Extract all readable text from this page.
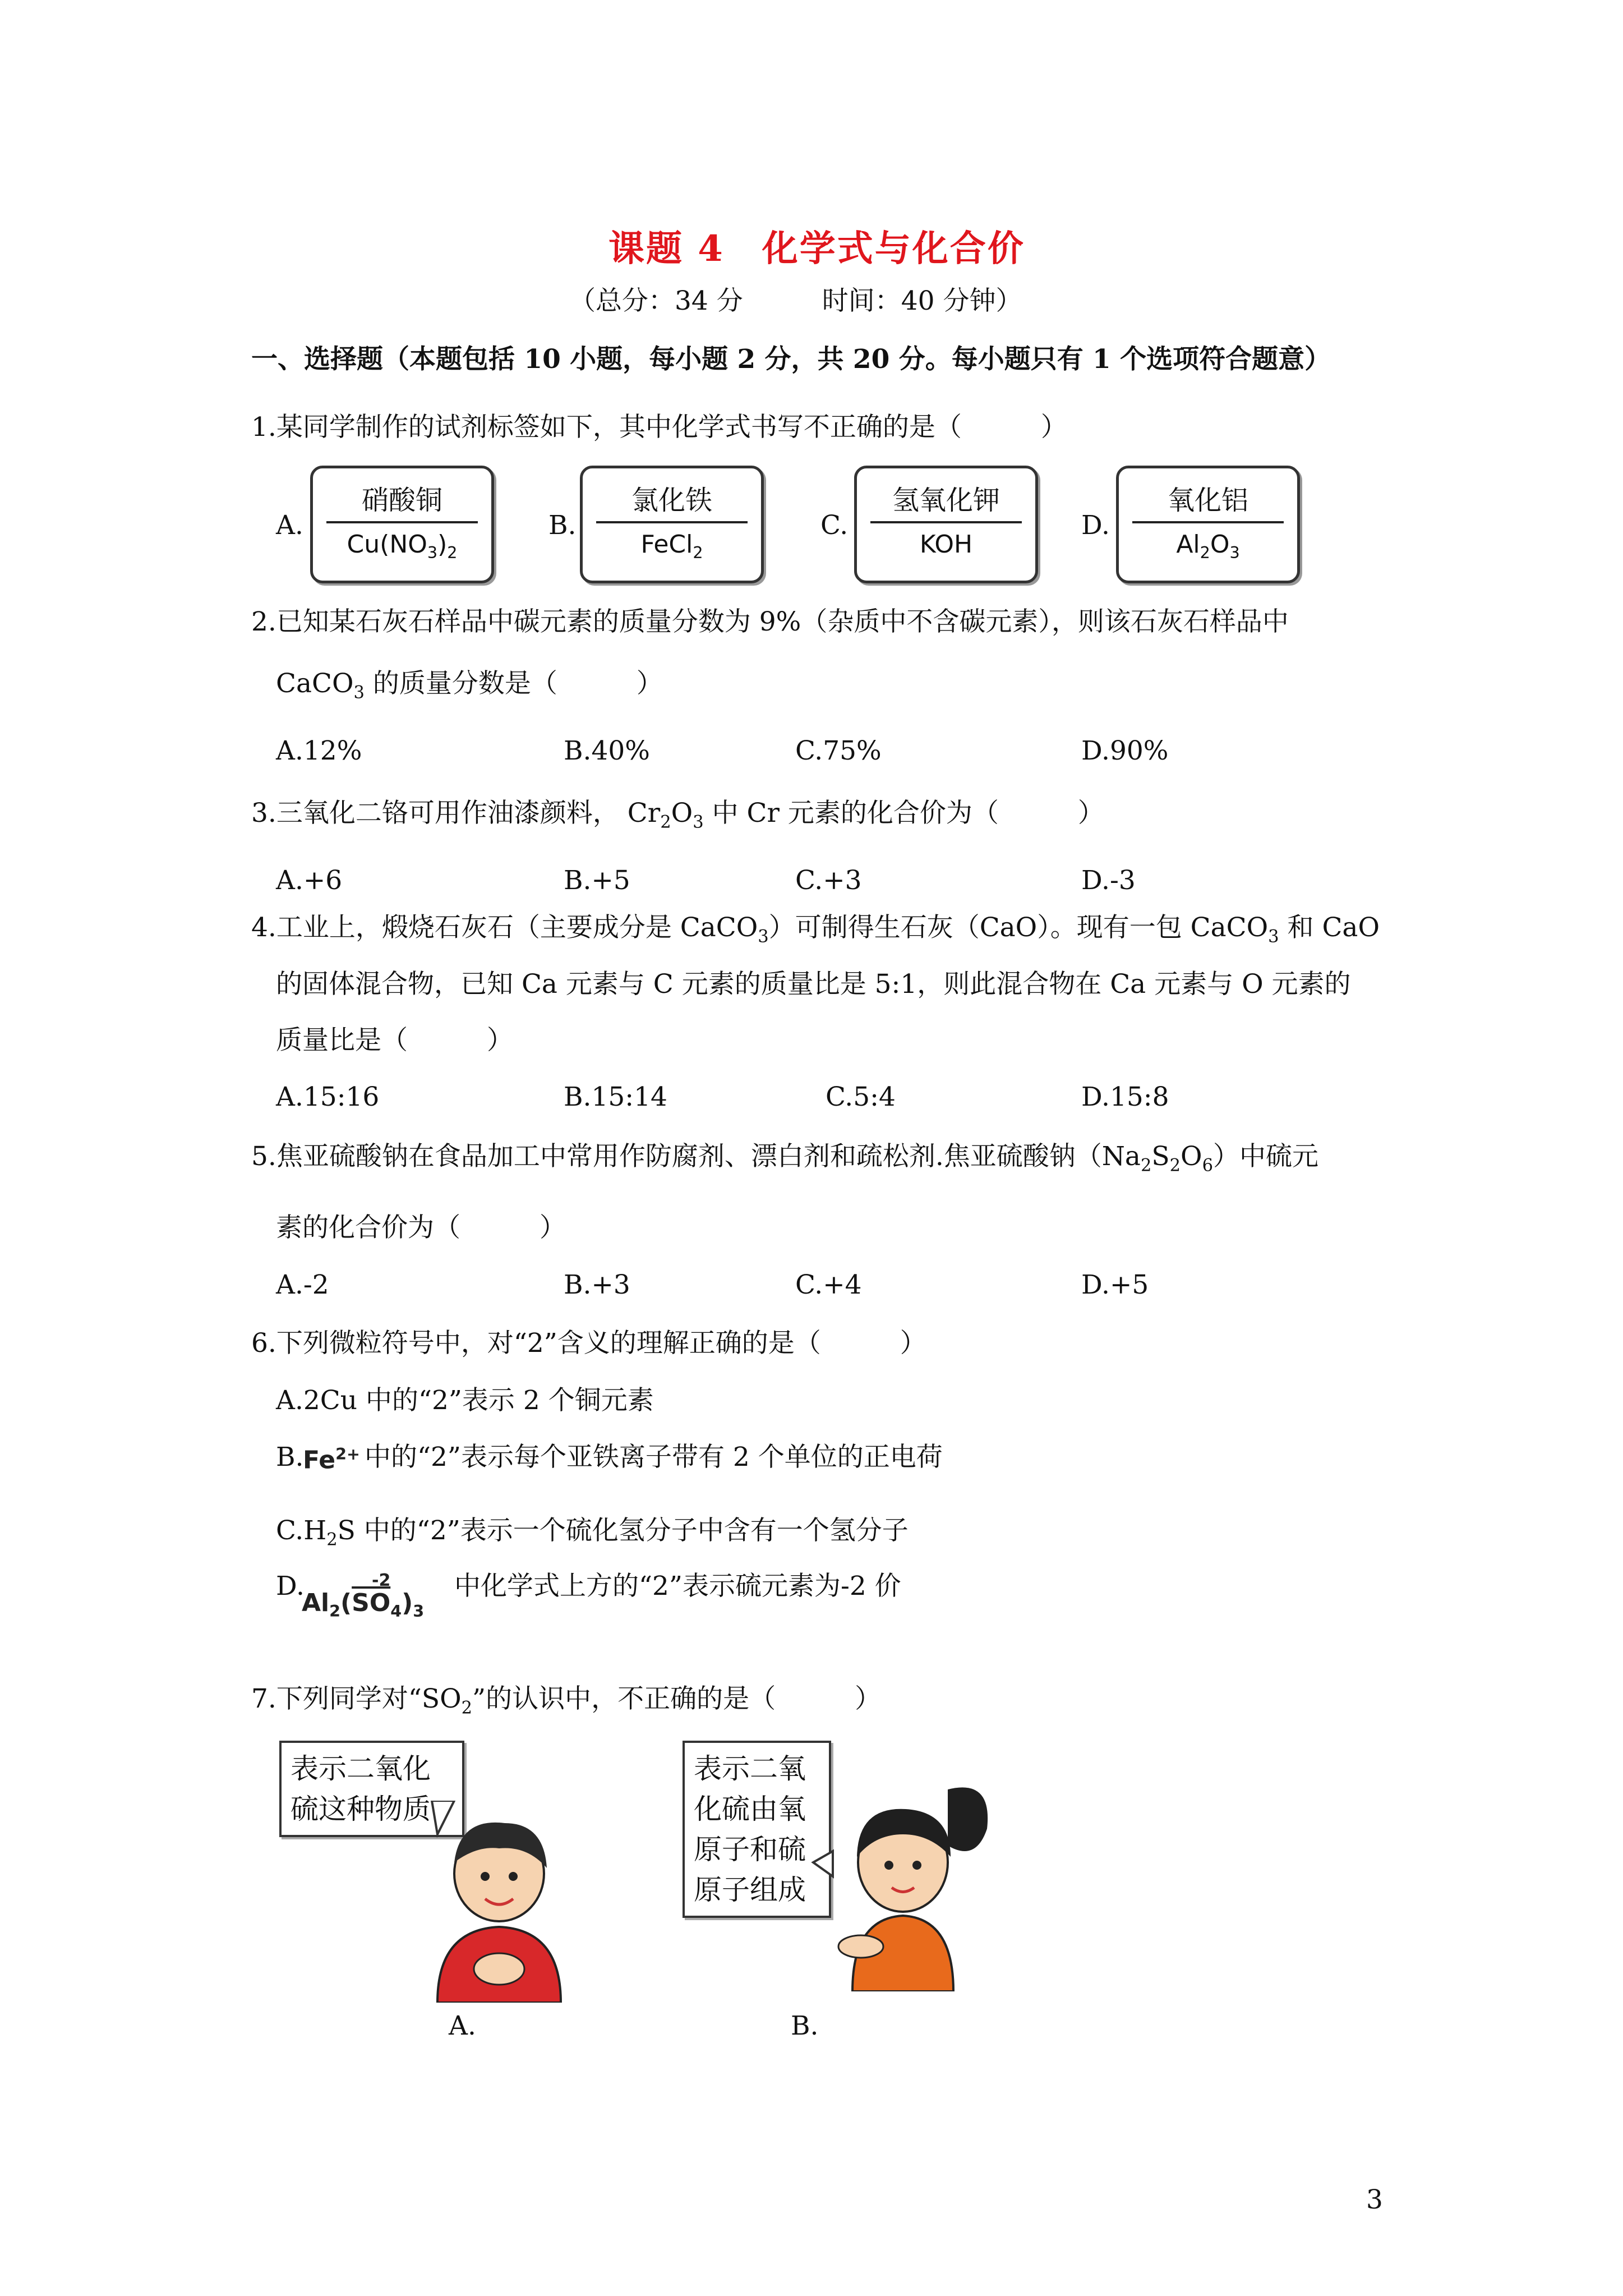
课题 4　化学式与化合价
（总分：34 分　　　时间：40 分钟）
一、选择题（本题包括 10 小题，每小题 2 分，共 20 分。每小题只有 1 个选项符合题意）
1.某同学制作的试剂标签如下，其中化学式书写不正确的是（　　　）
A.
硝酸铜
$Cu(NO_3)_2$
B.
氯化铁
FeCl$_2$
C.
氢氧化钾
KOH
D.
氧化铝
$Al_2O_3$
2.已知某石灰石样品中碳元素的质量分数为 9%（杂质中不含碳元素），则该石灰石样品中
CaCO$_3$ 的质量分数是（　　　）
A.12%	B.40%	C.75%	D.90%
3.三氧化二铬可用作油漆颜料， $Cr_2O_3$ 中 Cr 元素的化合价为（　　　）
A.+6	B.+5	C.+3	D.-3
4.工业上，煅烧石灰石（主要成分是 CaCO$_3$）可制得生石灰（CaO）。现有一包 CaCO$_3$ 和 CaO
的固体混合物，已知 Ca 元素与 C 元素的质量比是 5:1，则此混合物在 Ca 元素与 O 元素的
质量比是（　　　）
A.15:16	B.15:14	C.5:4	D.15:8
5.焦亚硫酸钠在食品加工中常用作防腐剂、漂白剂和疏松剂.焦亚硫酸钠$(Na_2S_2O_6)$中硫元
素的化合价为（　　　）
A.-2	B.+3	C.+4	D.+5
6.下列微粒符号中，对“2”含义的理解正确的是（　　　）
A.2Cu 中的“2”表示 2 个铜元素
B.
$Fe^{2+}$ 中的“2”表示每个亚铁离子带有 2 个单位的正电荷
$C.H_2S$ 中的“2”表示一个硫化氢分子中含有一个氢分子
D.	-2
$Al_2(\overline{SO}_4)_3$
中化学式上方的“2”表示硫元素为-2 价
7.下列同学对“$SO_2$”的认识中，不正确的是（　　　）
表示二氧化硫这种物质
A.
表示二氧化硫由氧原子和硫原子组成
B.
3
